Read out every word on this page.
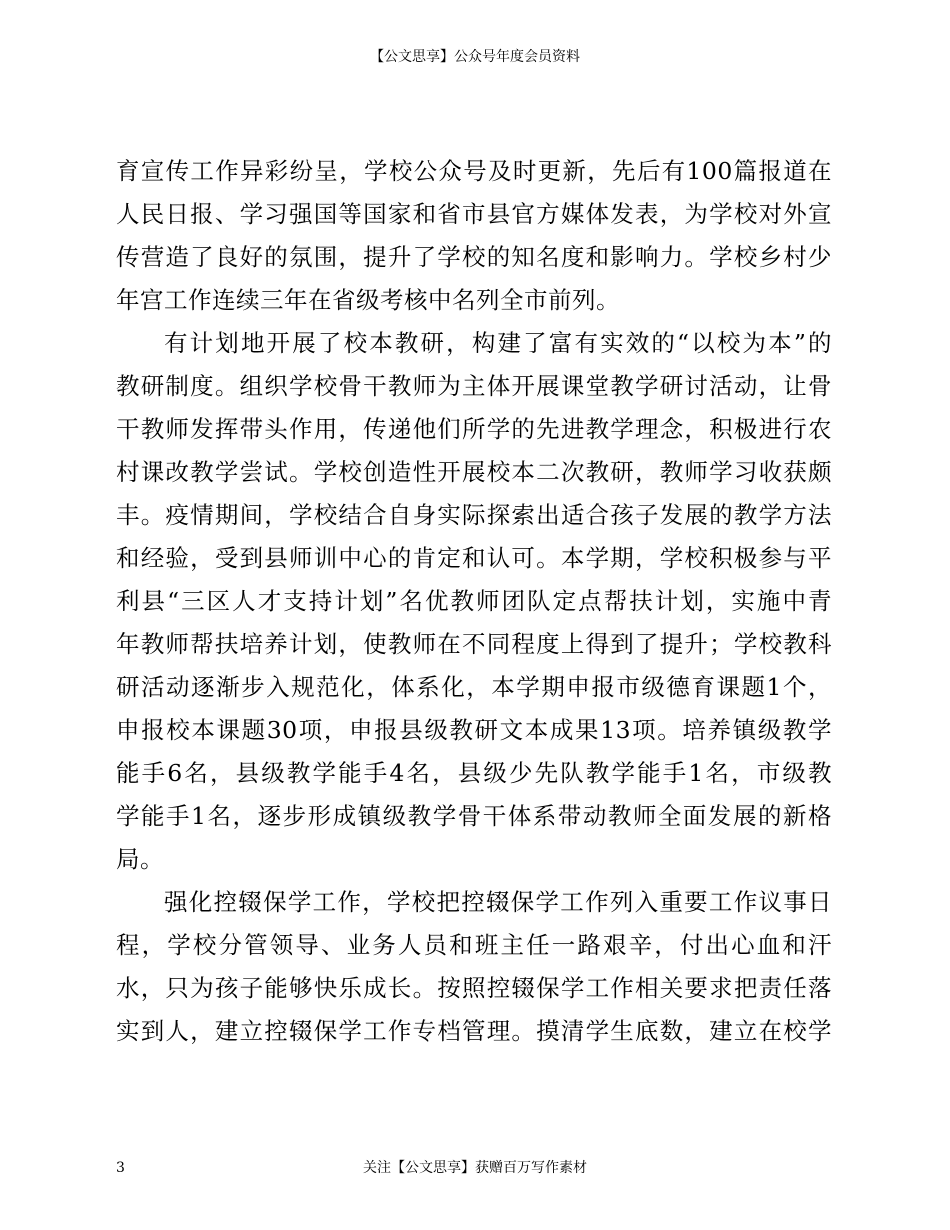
【公文思享】公众号年度会员资料
育宣传工作异彩纷呈，学校公众号及时更新，先后有100篇报道在
人民日报、学习强国等国家和省市县官方媒体发表，为学校对外宣
传营造了良好的氛围，提升了学校的知名度和影响力。学校乡村少
年宫工作连续三年在省级考核中名列全市前列。
有计划地开展了校本教研，构建了富有实效的“以校为本”的
教研制度。组织学校骨干教师为主体开展课堂教学研讨活动，让骨
干教师发挥带头作用，传递他们所学的先进教学理念，积极进行农
村课改教学尝试。学校创造性开展校本二次教研，教师学习收获颇
丰。疫情期间，学校结合自身实际探索出适合孩子发展的教学方法
和经验，受到县师训中心的肯定和认可。本学期，学校积极参与平
利县“三区人才支持计划”名优教师团队定点帮扶计划，实施中青
年教师帮扶培养计划，使教师在不同程度上得到了提升；学校教科
研活动逐渐步入规范化，体系化，本学期申报市级德育课题1个，
申报校本课题30项，申报县级教研文本成果13项。培养镇级教学
能手6名，县级教学能手4名，县级少先队教学能手1名，市级教
学能手1名，逐步形成镇级教学骨干体系带动教师全面发展的新格
局。
强化控辍保学工作，学校把控辍保学工作列入重要工作议事日
程，学校分管领导、业务人员和班主任一路艰辛，付出心血和汗
水，只为孩子能够快乐成长。按照控辍保学工作相关要求把责任落
实到人，建立控辍保学工作专档管理。摸清学生底数，建立在校学
3	关注【公文思享】获赠百万写作素材
